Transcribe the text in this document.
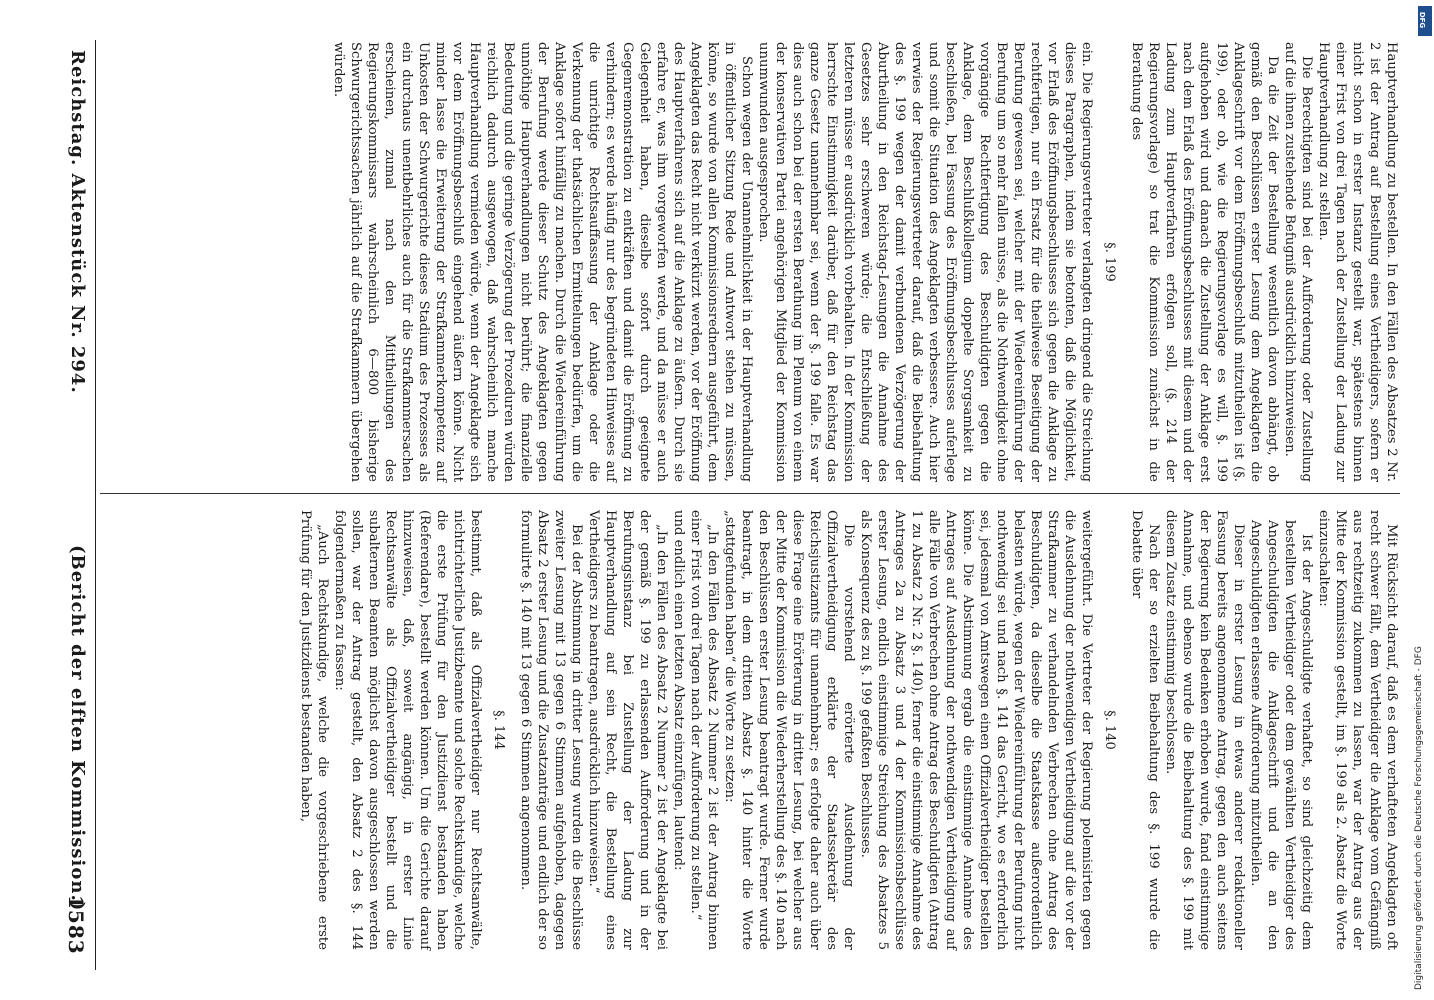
Reichstag. Aktenstück Nr. 294.
(Bericht der elften Kommission.)
1583

Hauptverhandlung zu bestellen. In den Fällen des Absatzes 2 Nr. 2 ist der Antrag auf Bestellung eines Vertheidigers, sofern er nicht schon in erster Instanz gestellt war, spätestens binnen einer Frist von drei Tagen nach der Zustellung der Ladung zur Hauptverhandlung zu stellen.

Die Berechtigten sind bei der Aufforderung oder Zustellung auf die ihnen zustehende Befugniß ausdrücklich hinzuweisen.

Da die Zeit der Bestellung wesentlich davon abhängt, ob gemäß den Beschlüssen erster Lesung dem Angeklagten die Anklageschrift vor dem Eröffnungsbeschluß mitzutheilen ist (§. 199), oder ob, wie die Regierungsvorlage es will, §. 199 aufgehoben wird und danach die Zustellung der Anklage erst nach dem Erlaß des Eröffnungsbeschlusses mit diesem und der Ladung zum Hauptverfahren erfolgen soll, (§. 214 der Regierungsvorlage) so trat die Kommission zunächst in die Berathung des

§. 199

ein. Die Regierungsvertreter verlangten dringend die Streichung dieses Paragraphen, indem sie betonten, daß die Möglichkeit, vor Erlaß des Eröffnungsbeschlusses sich gegen die Anklage zu rechtfertigen, nur ein Ersatz für die theilweise Beseitigung der Berufung gewesen sei, welcher mit der Wiedereinführung der Berufung um so mehr fallen müsse, als die Nothwendigkeit ohne vorgängige Rechtfertigung des Beschuldigten gegen die Anklage, dem Beschlußkollegium doppelte Sorgsamkeit zu beschließen, bei Fassung des Eröffnungsbeschlusses auferlege und somit die Situation des Angeklagten verbessere. Auch hier verwies der Regierungsvertreter darauf, daß die Beibehaltung des §. 199 wegen der damit verbundenen Verzögerung der Aburtheilung in den Reichstag-Lesungen die Annahme des Gesetzes sehr erschweren würde; die Entschließung der letzteren müsse er ausdrücklich vorbehalten. In der Kommission herrschte Einstimmigkeit darüber, daß für den Reichstag das ganze Gesetz unannehmbar sei, wenn der §. 199 falle. Es war dies auch schon bei der ersten Berathung im Plenum von einem der konservativen Partei angehörigen Mitglied der Kommission unumwunden ausgesprochen.

Schon wegen der Unannehmlichkeit in der Hauptverhandlung in öffentlicher Sitzung Rede und Antwort stehen zu müssen, könne, so wurde von allen Kommissionsrednern ausgeführt, dem Angeklagten das Recht nicht verkürzt werden, vor der Eröffnung des Hauptverfahrens sich auf die Anklage zu äußern. Durch sie erfahre er, was ihm vorgeworfen werde, und da müsse er auch Gelegenheit haben, dieselbe sofort durch geeignete Gegenremonstration zu entkräften und damit die Eröffnung zu verhindern; es werde häufig nur des begründeten Hinweises auf die unrichtige Rechtsauffassung der Anklage oder die Verkennung der thatsächlichen Ermittelungen bedürfen, um die Anklage sofort hinfällig zu machen. Durch die Wiedereinführung der Berufung werde dieser Schutz des Angeklagten gegen unnöthige Hauptverhandlungen nicht berührt; die finanzielle Bedeutung und die geringe Verzögerung der Prozeduren würden reichlich dadurch ausgewogen, daß wahrscheinlich manche Hauptverhandlung vermieden würde, wenn der Angeklagte sich vor dem Eröffnungsbeschluß eingehend äußern könne. Nicht minder lasse die Erweiterung der Strafkammerkompetenz auf Unkosten der Schwurgerichte dieses Stadium des Prozesses als ein durchaus unentbehrliches auch für die Strafkammersachen erscheinen, zumal nach den Mittheilungen des Regierungskommissars wahrscheinlich 6—800 bisherige Schwurgerichtssachen jährlich auf die Strafkammern übergehen würden.

Mit Rücksicht darauf, daß es dem verhafteten Angeklagten oft recht schwer fällt, dem Vertheidiger die Anklage vom Gefängniß aus rechtzeitig zukommen zu lassen, war der Antrag aus der Mitte der Kommission gestellt, im §. 199 als 2. Absatz die Worte einzuschalten:

Ist der Angeschuldigte verhaftet, so sind gleichzeitig dem bestellten Vertheidiger oder dem gewählten Vertheidiger des Angeschuldigten die Anklageschrift und die an den Angeschuldigten erlassene Aufforderung mitzutheilen.

Dieser in erster Lesung in etwas anderer redaktioneller Fassung bereits angenommene Antrag, gegen den auch seitens der Regierung kein Bedenken erhoben wurde, fand einstimmige Annahme, und ebenso wurde die Beibehaltung des §. 199 mit diesem Zusatz einstimmig beschlossen.

Nach der so erzielten Beibehaltung des §. 199 wurde die Debatte über

§. 140

weitergeführt. Die Vertreter der Regierung polemisirten gegen die Ausdehnung der nothwendigen Vertheidigung auf die vor der Strafkammer zu verhandelnden Verbrechen ohne Antrag des Beschuldigten, da dieselbe die Staatskasse außerordentlich belasten würde, wegen der Wiedereinführung der Berufung nicht nothwendig sei und nach §. 141 das Gericht, wo es erforderlich sei, jedesmal von Amtswegen einen Offizialvertheidiger bestellen könne. Die Abstimmung ergab die einstimmige Annahme des Antrages auf Ausdehnung der nothwendigen Vertheidigung auf alle Fälle von Verbrechen ohne Antrag des Beschuldigten (Antrag 1 zu Absatz 2 Nr. 2 §. 140), ferner die einstimmige Annahme des Antrages 2a zu Absatz 3 und 4 der Kommissionsbeschlüsse erster Lesung, endlich einstimmige Streichung des Absatzes 5 als Konsequenz des zu §. 199 gefaßten Beschlusses.

Die vorstehend erörterte Ausdehnung der Offizialvertheidigung erklärte der Staatssekretär des Reichsjustizamts für unannehmbar; es erfolgte daher auch über diese Frage eine Erörterung in dritter Lesung, bei welcher aus der Mitte der Kommission die Wiederherstellung des §. 140 nach den Beschlüssen erster Lesung beantragt wurde. Ferner wurde beantragt, in dem dritten Absatz §. 140 hinter die Worte „stattgefunden haben“ die Worte zu setzen:

„In den Fällen des Absatz 2 Nummer 2 ist der Antrag binnen einer Frist von drei Tagen nach der Aufforderung zu stellen.“

und endlich einen letzten Absatz einzufügen, lautend:

„In den Fällen des Absatz 2 Nummer 2 ist der Angeklagte bei der gemäß §. 199 zu erlassenden Aufforderung und in der Berufungsinstanz bei Zustellung der Ladung zur Hauptverhandlung auf sein Recht, die Bestellung eines Vertheidigers zu beantragen, ausdrücklich hinzuweisen.“

Bei der Abstimmung in dritter Lesung wurden die Beschlüsse zweiter Lesung mit 13 gegen 6 Stimmen aufgehoben, dagegen Absatz 2 erster Lesung und die Zusatzanträge und endlich der so formulirte §. 140 mit 13 gegen 6 Stimmen angenommen.

§. 144

bestimmt, daß als Offizialvertheidiger nur Rechtsanwälte, nichtrichterliche Justizbeamte und solche Rechtskundige, welche die erste Prüfung für den Justizdienst bestanden haben (Referendare), bestellt werden können. Um die Gerichte darauf hinzuweisen, daß, soweit angängig, in erster Linie Rechtsanwälte als Offizialvertheidiger bestellt und die subalternen Beamten möglichst davon ausgeschlossen werden sollen, war der Antrag gestellt, den Absatz 2 des §. 144 folgendermaßen zu fassen:

„Auch Rechtskundige, welche die vorgeschriebene erste Prüfung für den Justizdienst bestanden haben,

DFG
Digitalisierung gefördert durch die Deutsche Forschungsgemeinschaft - DFG
